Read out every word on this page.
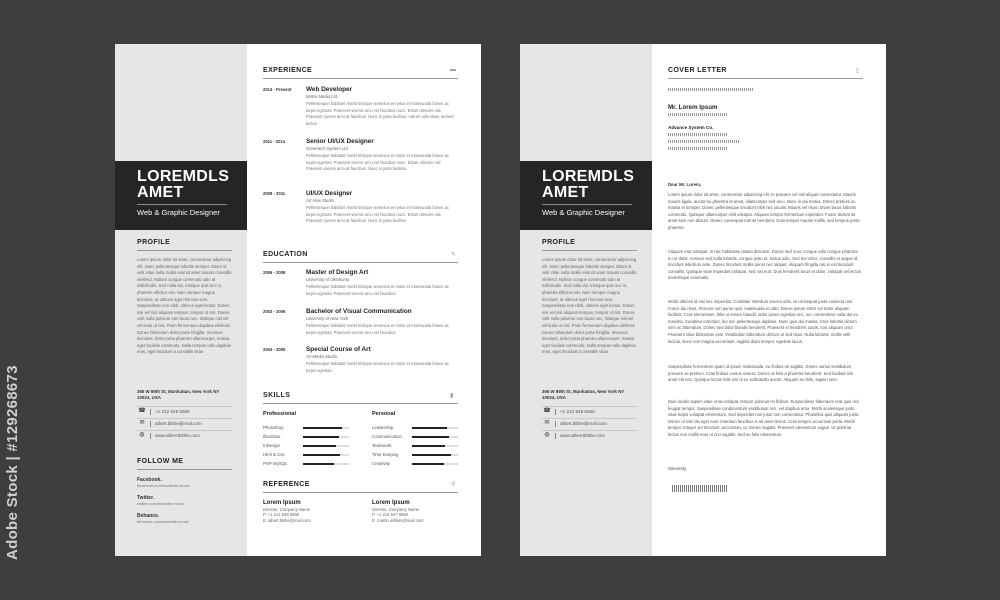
Adobe Stock | #129268673
LOREMDLS
AMET
Web & Graphic Designer
PROFILE
Lorem ipsum dolor sit amet, consectetur adipiscing elit. Nunc pellentesque lobortis semper. Etiam id velit vitae nulla mollis erat sit amet mauris convallis eleifend. Nullam congue commodo odio at sollicitudin. Sed nulla dui, tristique quis orci in, pharetra efficitur nisi. Nam semper magna tincidunt, at ultrices eget rhoncus sem. Suspendisse non nibh, ultrices eget lectus. Donec nisi vel nisi aliquam tempus, tempor ut nisi. Donec velit nulla pulvinar non lacus nec, tristique nisl vel vehicula ut nisi. Proin fermentum dapibus eleifend. Donec bibendum dolor porta fringilla. Vivamus tincidunt, dolor porta pharetra ullamcorper, massa eget facilisis commodo. Nulla tempus odio dapibus eros, eget tincidunt a convallis vitae.
365 W 89th St, Manhattan, New York NY 10024, USA
☎ +1 212 648 5560
✉	albert.blithe@mail.com
◍	www.alberrtblithe.com
FOLLOW ME
Facebook.
facebook.com/nicolette.moniz
Twitter.
twitter.com/nicolette.moniz
Behance.
behance.com/nicolette.moniz
EXPERIENCE	▬
2014 - Present Web Developer
Matrix Media Ltd.
Pellentesque habitant morbi tristique senectus et netus et malesuada fames ac turpis egestas. Praesent viverra arcu vel faucibus nunc. Etiam ultricies nisl. Praesent viverra arcu at faucibus. Nunc in justo facilisis, rutrum odio vitae, laoreet lectus.
2011 - 2014	Senior UI/UX Designer
Greentech System Ltd.
Pellentesque habitant morbi tristique senectus et netus et malesuada fames ac turpis egestas. Praesent viverra arcu vel faucibus nunc. Etiam ultricies nisl. Praesent viverra arcu at faucibus. Nunc in justo facilisis.
2008 - 2011	UI/UX Designer
Art Hive Studio.
Pellentesque habitant morbi tristique senectus et netus et malesuada fames ac turpis egestas. Praesent viverra arcu vel faucibus nunc. Etiam ultricies nisl. Praesent viverra arcu at faucibus. Nunc in justo facilisis.
EDUCATION	✎
2006 - 2008	Master of Design Art
University of Oklahoma
Pellentesque habitant morbi tristique senectus et netus et malesuada fames ac turpis egestas. Praesent viverra arcu vel faucibus.
2003 - 2006	Bachelor of Visual Communication
University of New York
Pellentesque habitant morbi tristique senectus et netus et malesuada fames ac turpis egestas. Praesent viverra arcu vel faucibus.
2004 - 2005	Special Course of Art
Art Media Studio.
Pellentesque habitant morbi tristique senectus et netus et malesuada fames ac turpis egestas.
SKILLS	▮
Professional	Personal
Photoshop
Illustrator
InDesign
Html & Css
PHP MySQL
Leadership
Communication
Teamwork
Time Keeping
Creativity
REFERENCE	⚲
Lorem Ipsum
Director, Company Name
P. +1 212 648 5560
E. albert.blithe@mail.com
Lorem Ipsum
Director, Company Name
P. +1 212 647 8890
E. martin.william@mail.com
LOREMDLS
AMET
Web & Graphic Designer
PROFILE
Lorem ipsum dolor sit amet, consectetur adipiscing elit. Nunc pellentesque lobortis semper. Etiam id velit vitae nulla mollis erat sit amet mauris convallis eleifend. Nullam congue commodo odio at sollicitudin. Sed nulla dui, tristique quis orci in, pharetra efficitur nisi. Nam semper magna tincidunt, at ultrices eget rhoncus sem. Suspendisse non nibh, ultrices eget lectus. Donec nisi vel nisi aliquam tempus, tempor ut nisi. Donec velit nulla pulvinar non lacus nec, tristique nisl vel vehicula ut nisi. Proin fermentum dapibus eleifend. Donec bibendum dolor porta fringilla. Vivamus tincidunt, dolor porta pharetra ullamcorper, massa eget facilisis commodo. Nulla tempus odio dapibus eros, eget tincidunt a convallis vitae.
365 W 89th St, Manhattan, New York NY 10024, USA
☎ +1 212 648 5560
✉	albert.blithe@mail.com
◍	www.alberrtblithe.com
COVER LETTER	▯
Mr. Lorem Ipsum
Advance System Co.
Dear Mr. Lorem,
Lorem ipsum dolor sit amet, consectetur adipiscing elit. In posuere vel nisl aliquet consectetur. Mauris mauris ligula, auctor eu pharetra et amet, ullamcorper sed arcu. Nunc in dui metus. Donec pretium ac massa et semper. Donec pellentesque tincidunt nibh nec iaculis. Mauris vel risus ornare lacus lobortis commodo. Quisque ullamcorper velit volutpat. Aliquam tempor fermentum imperdiet. Fusce dictum sit amet sem non dictum. Donec consequat rutrum hendrerit. Cras tempor mauris mollis, sed tempus porta pharetra.
Aliquam erat volutpat. In hac habitasse platea dictumst. Donec sed nunc congue odio congue pharetra eu et dolor. Aenean sed nulla lobortis, congue justo et, luctus odio. Sed leo tortor, convallis et augue id, tincidunt interdum ante. Donec tincidunt mollis purus nec aliquet. Aliquam fringilla nisi in est tincidunt convallis. Quisque vitae imperdiet volutpat, sed nisi erat. Duis hendrerit lacus et dolor, volutpat vel lectus scelerisque venenatis.
Morbi ultrices id nisi nec imperdiet. Curabitur interdum viverra odio, at consequat justo euismod non. Fusce dui risus, rhoncus non purus quis, malesuada et odio. Donec ipsum tortor vel tortor aliquam facilisis. Cras elementum, felis ut ornare blandit, dolor ipsum egestas orci, nec consectetur nulla dui eu maxima. Curabitur interdum, leo nec pellentesque dapibus. Nunc quis dui massa. Cras lobortis dictum sem ac bibendum. Donec sed dolor blandit hendrerit. Praesent et hendrerit turpis, non aliquam urna. Praesent vitae bibendum erat. Vestibulum bibendum ultrices ut sed risus. Nulla lobortis, mollis velit lacinia. Nunc non magna accumsan, sagittis diam tempor, egestas lacus.
Suspendisse fermentum quam id ipsum malesuada, eu finibus mi sagittis. Donec varius vestibulum posuere ac pretium. Cras finibus cursus viverra. Donec at felis a pharetra hendrerit. Sed facilisis nisi amet elit non. Quisque luctus felis nisi ut ex sollicitudin auctor. Aliquam eu felis, sapien sem.
Duis iaculis sapien vitae urna volutpat, tempor pulvinar mi finibus. Suspendisse bibendum erat quis orci feugiat tempor. Suspendisse condimentum vestibulum orci, vel dapibus urna. Morbi scelerisque justo vitae turpis volutpat elementum. Sed imperdiet non justo non consectetur. Phasellus quis aliquam justo. Donec ut nisl nisi eget nunc interdum faucibus in sit amet lectus. Cras tempor accumsan porta. Morbi tempor. Integer vel tincidunt, accumsan, ut. Donec sagittis. Praesent elementum augue. Ut pulvinar lectus non mollis eros ut orci sagittis. Sed eu felis elementum.
Sincerely,
